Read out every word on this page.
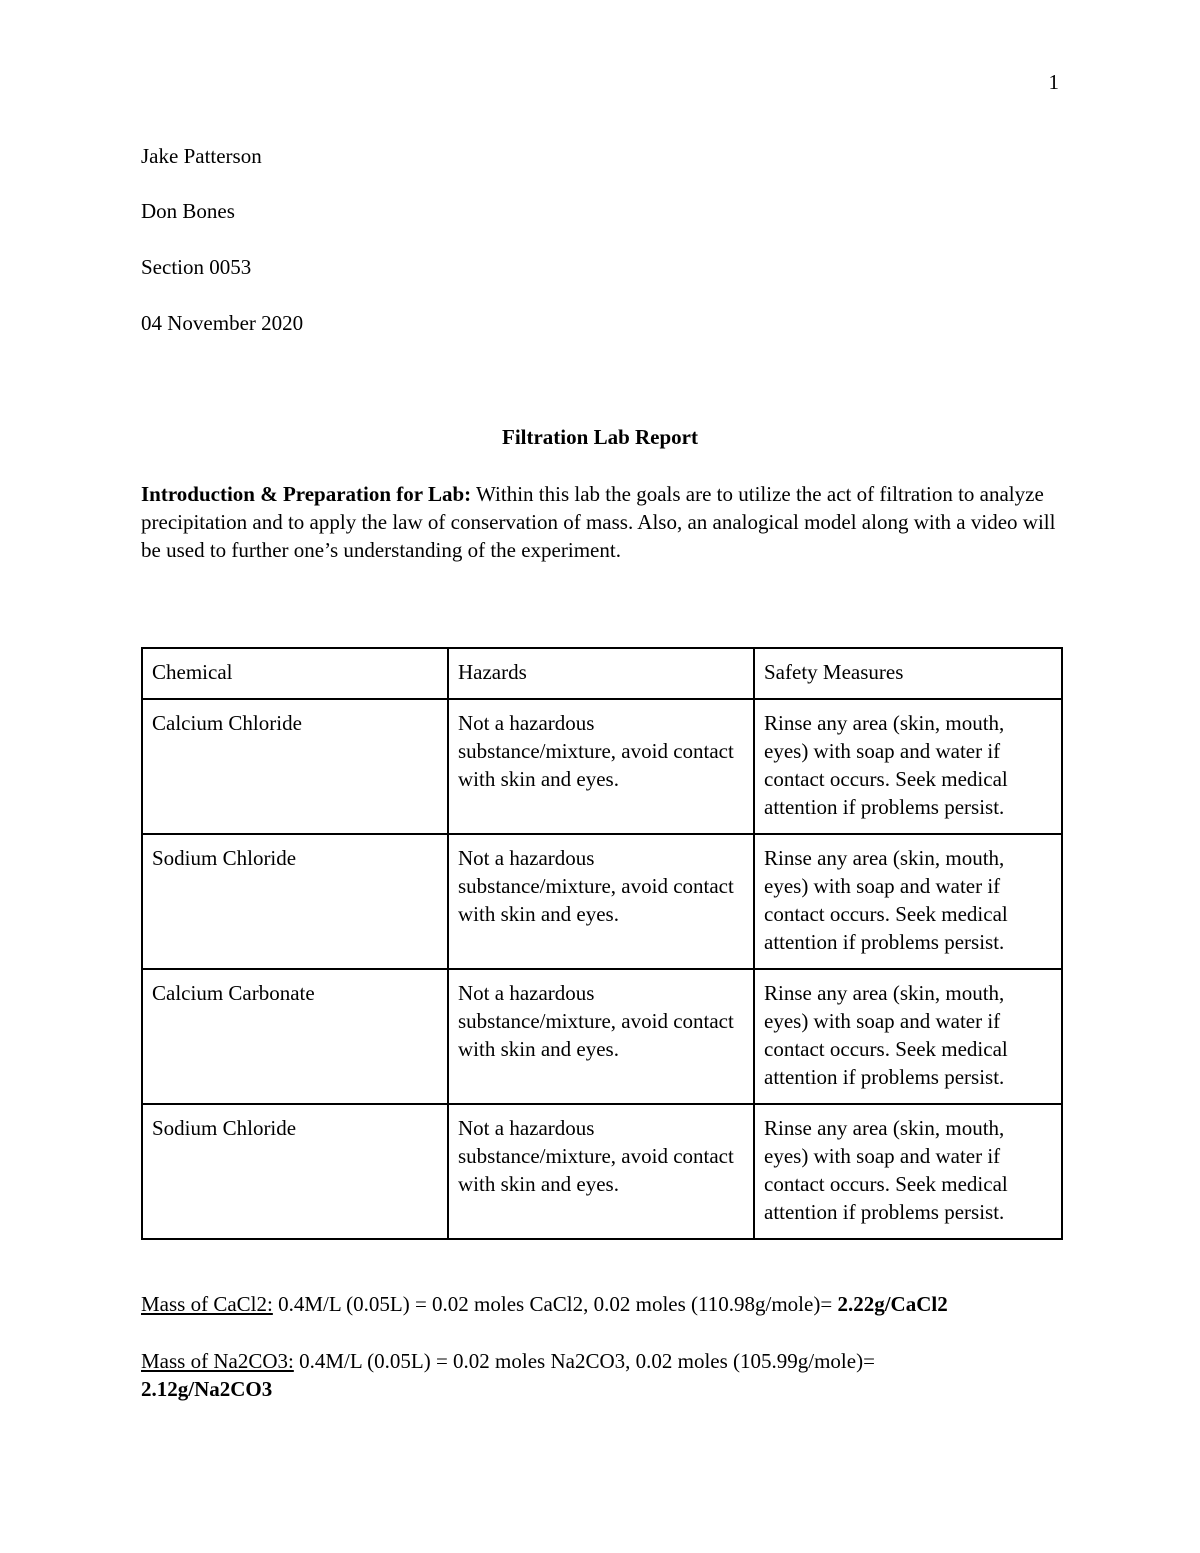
1
Jake Patterson
Don Bones
Section 0053
04 November 2020
Filtration Lab Report
Introduction & Preparation for Lab: Within this lab the goals are to utilize the act of filtration to analyze precipitation and to apply the law of conservation of mass. Also, an analogical model along with a video will be used to further one’s understanding of the experiment.
Chemical	Hazards	Safety Measures
Calcium Chloride	Not a hazardous substance/mixture, avoid contact with skin and eyes.	Rinse any area (skin, mouth, eyes) with soap and water if contact occurs. Seek medical attention if problems persist.
Sodium Chloride	Not a hazardous substance/mixture, avoid contact with skin and eyes.	Rinse any area (skin, mouth, eyes) with soap and water if contact occurs. Seek medical attention if problems persist.
Calcium Carbonate	Not a hazardous substance/mixture, avoid contact with skin and eyes.	Rinse any area (skin, mouth, eyes) with soap and water if contact occurs. Seek medical attention if problems persist.
Sodium Chloride	Not a hazardous substance/mixture, avoid contact with skin and eyes.	Rinse any area (skin, mouth, eyes) with soap and water if contact occurs. Seek medical attention if problems persist.
Mass of CaCl2: 0.4M/L (0.05L) = 0.02 moles CaCl2, 0.02 moles (110.98g/mole)= 2.22g/CaCl2
Mass of Na2CO3: 0.4M/L (0.05L) = 0.02 moles Na2CO3, 0.02 moles (105.99g/mole)=
2.12g/Na2CO3
